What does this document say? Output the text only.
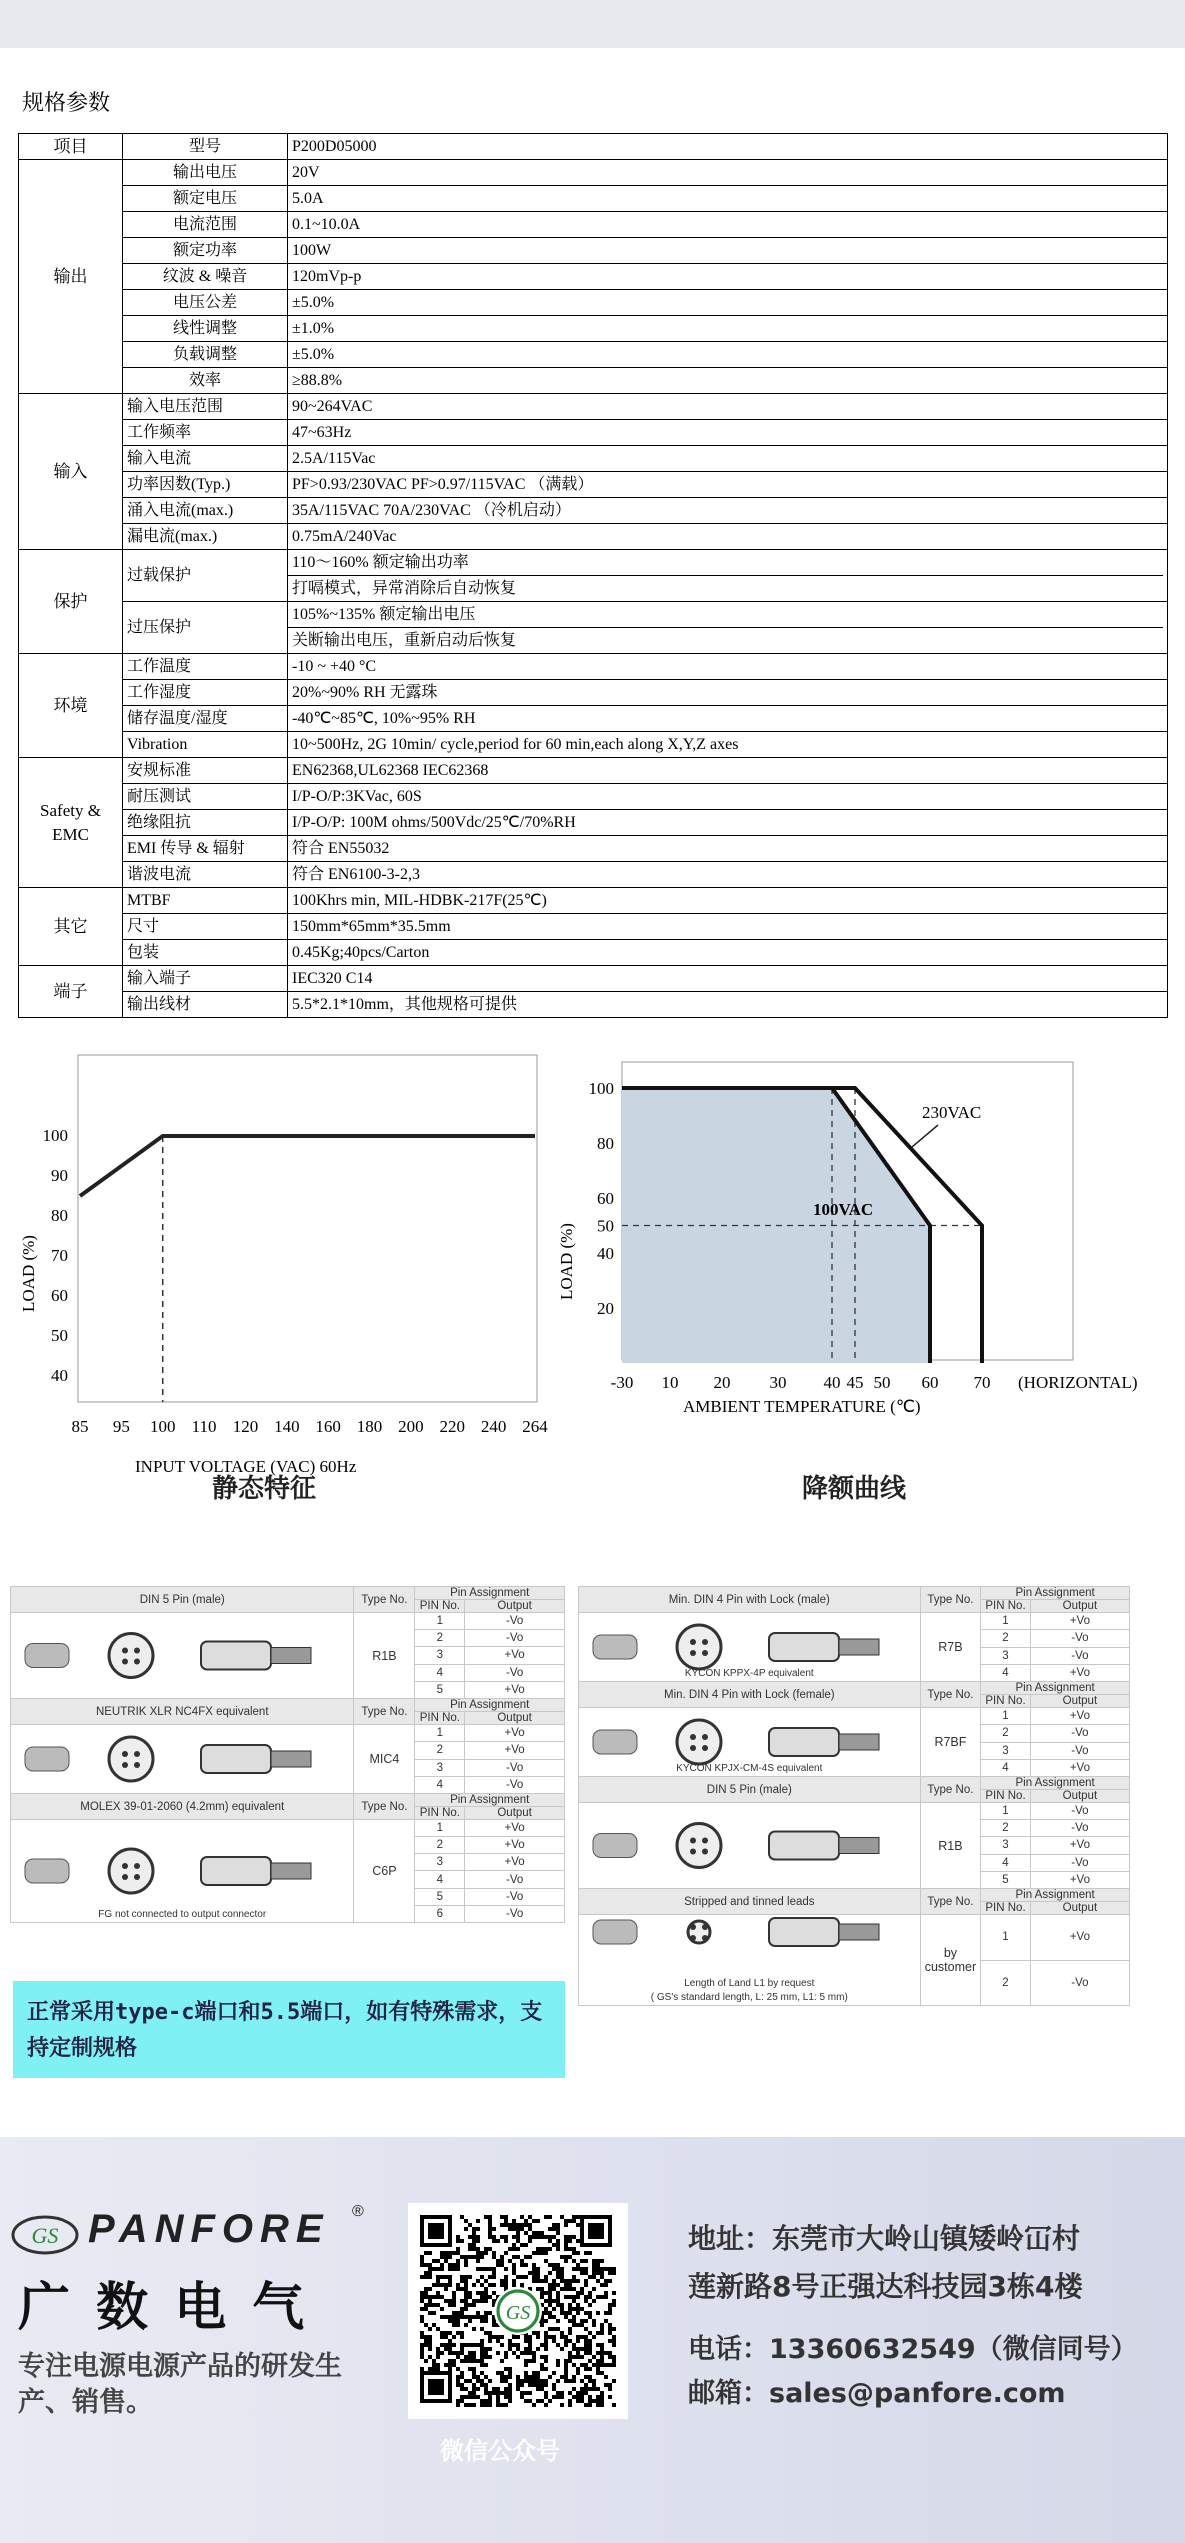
规格参数
项目	型号	P200D05000
输出	输出电压	20V
	额定电压	5.0A
	电流范围	0.1~10.0A
	额定功率	100W
	纹波 & 噪音	120mVp-p
	电压公差	±5.0%
	线性调整	±1.0%
	负载调整	±5.0%
	效率	≥88.8%
输入	输入电压范围	90~264VAC
	工作频率	47~63Hz
	输入电流	2.5A/115Vac
	功率因数(Typ.)	PF>0.93/230VAC PF>0.97/115VAC （满载）
	涌入电流(max.)	35A/115VAC 70A/230VAC （冷机启动）
	漏电流(max.)	0.75mA/240Vac
保护	过载保护	110～160% 额定输出功率
打嗝模式，异常消除后自动恢复

	过压保护	105%~135% 额定输出电压
关断输出电压，重新启动后恢复

环境	工作温度	-10 ~ +40 °C
	工作湿度	20%~90% RH 无露珠
	储存温度/湿度	-40℃~85℃, 10%~95% RH
	Vibration	10~500Hz, 2G 10min/ cycle,period for 60 min,each along X,Y,Z axes

Safety &
EMC	安规标准	EN62368,UL62368 IEC62368
	耐压测试	I/P-O/P:3KVac, 60S
	绝缘阻抗	I/P-O/P: 100M ohms/500Vdc/25℃/70%RH
	EMI 传导 & 辐射	符合 EN55032
	谐波电流	符合 EN6100-3-2,3
其它	MTBF	100Khrs min, MIL-HDBK-217F(25℃)
	尺寸	150mm*65mm*35.5mm
	包装	0.45Kg;40pcs/Carton
端子	输入端子	IEC320 C14
	输出线材	5.5*2.1*10mm，其他规格可提供
40
50
60
70
80
90
100
85 95 100 110 120 140 160 180 200 220 240 264
LOAD (%)
INPUT VOLTAGE (VAC) 60Hz
20
40
50
60
80
100
-30 10 20 30 40 45 50 60 70 (HORIZONTAL)
LOAD (%)
AMBIENT TEMPERATURE (℃)
230VAC
100VAC
静态特征	降额曲线
DIN 5 Pin (male)	Type No.	Pin Assignment	
		PIN No.	Output

	R1B	1	-Vo
		2	-Vo
		3	+Vo
		4	-Vo
		5	+Vo
NEUTRIK XLR NC4FX equivalent	Type No.	Pin Assignment	
		PIN No.	Output

	MIC4	1	+Vo
		2	+Vo
		3	-Vo
		4	-Vo
MOLEX 39-01-2060 (4.2mm) equivalent	Type No.	Pin Assignment	
		PIN No.	Output

FG not connected to output connector	C6P	1	+Vo
		2	+Vo
		3	+Vo
		4	-Vo
		5	-Vo
		6	-Vo
Min. DIN 4 Pin with Lock (male)	Type No.	Pin Assignment	
		PIN No.	Output

KYCON KPPX-4P equivalent	R7B	1	+Vo
		2	-Vo
		3	-Vo
		4	+Vo
Min. DIN 4 Pin with Lock (female)	Type No.	Pin Assignment	
		PIN No.	Output

KYCON KPJX-CM-4S equivalent	R7BF	1	+Vo
		2	-Vo
		3	-Vo
		4	+Vo
DIN 5 Pin (male)	Type No.	Pin Assignment	
		PIN No.	Output

	R1B	1	-Vo
		2	-Vo
		3	+Vo
		4	-Vo
		5	+Vo
Stripped and tinned leads	Type No.	Pin Assignment	
		PIN No.	Output

Length of Land L1 by request
( GS's standard length, L: 25 mm, L1: 5 mm)	by customer	1	+Vo
		2	-Vo
正常采用type-c端口和5.5端口，如有特殊需求，支持定制规格
GS PANFORE ®
广 数 电 气
专注电源电源产品的研发生产、销售。
GS
微信公众号
地址：东莞市大岭山镇矮岭冚村
莲新路8号正强达科技园3栋4楼
电话：13360632549（微信同号）
邮箱：sales@panfore.com
